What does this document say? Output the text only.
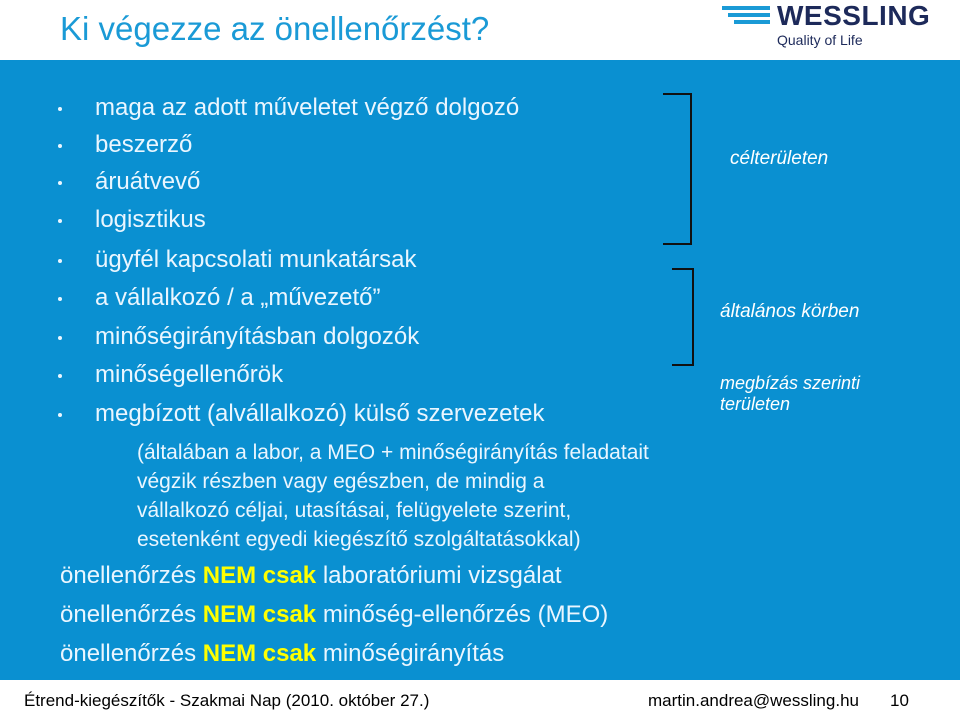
Ki végezze az önellenőrzést?	WESSLING
Quality of Life
maga az adott műveletet végző dolgozó
beszerző
áruátvevő
logisztikus
ügyfél kapcsolati munkatársak
a vállalkozó / a „művezető”
minőségirányításban dolgozók
minőségellenőrök
megbízott (alvállalkozó) külső szervezetek

(általában a labor, a MEO + minőségirányítás feladatait
végzik részben vagy egészben, de mindig a
vállalkozó céljai, utasításai, felügyelete szerint,
esetenként egyedi kiegészítő szolgáltatásokkal)

önellenőrzés NEM csak laboratóriumi vizsgálat
önellenőrzés NEM csak minőség-ellenőrzés (MEO)
önellenőrzés NEM csak minőségirányítás
célterületen
általános körben
megbízás szerinti
területen
Étrend-kiegészítők - Szakmai Nap (2010. október 27.)	martin.andrea@wessling.hu 10
